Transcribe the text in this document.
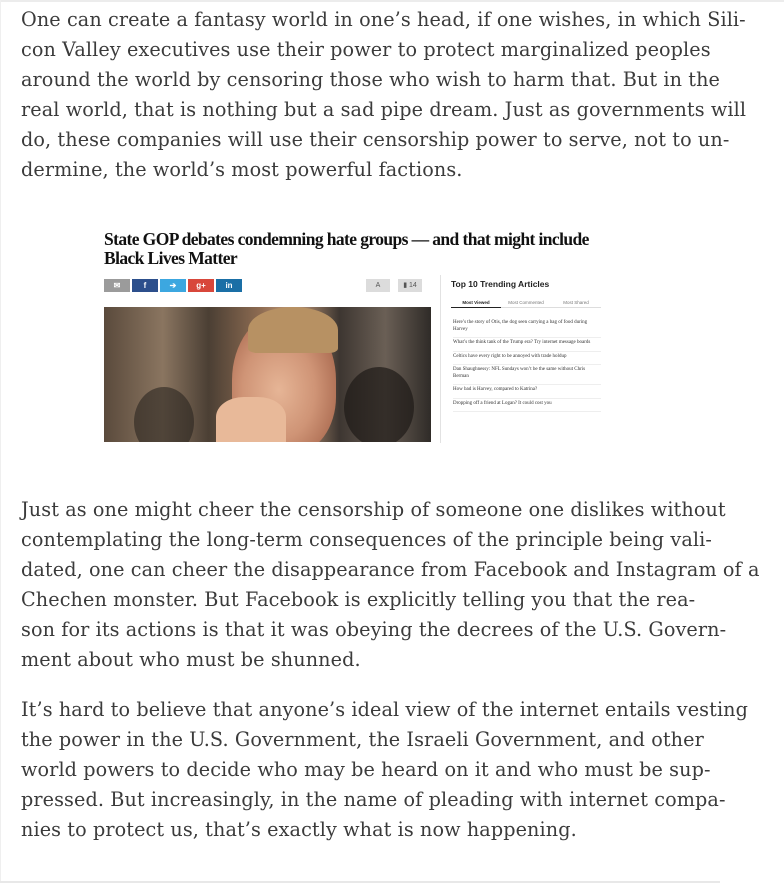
One can create a fantasy world in one’s head, if one wishes, in which Sili-
con Valley executives use their power to protect marginalized peoples
around the world by censoring those who wish to harm that. But in the
real world, that is nothing but a sad pipe dream. Just as governments will
do, these companies will use their censorship power to serve, not to un-
dermine, the world’s most powerful factions.

State GOP debates condemning hate groups — and that might include
Black Lives Matter
✉	f	➔	g+	in	A	▮ 14	Top 10 Trending Articles
Most Viewed	Most Commented	Most Shared
Here’s the story of Otis, the dog seen carrying a bag of food during Harvey
What’s the think tank of the Trump era? Try internet message boards
Celtics have every right to be annoyed with trade holdup
Dan Shaughnessy: NFL Sundays won’t be the same without Chris Berman
How bad is Harvey, compared to Katrina?
Dropping off a friend at Logan? It could cost you

Just as one might cheer the censorship of someone one dislikes without
contemplating the long-term consequences of the principle being vali-
dated, one can cheer the disappearance from Facebook and Instagram of a
Chechen monster. But Facebook is explicitly telling you that the rea-
son for its actions is that it was obeying the decrees of the U.S. Govern-
ment about who must be shunned.

It’s hard to believe that anyone’s ideal view of the internet entails vesting
the power in the U.S. Government, the Israeli Government, and other
world powers to decide who may be heard on it and who must be sup-
pressed. But increasingly, in the name of pleading with internet compa-
nies to protect us, that’s exactly what is now happening.
